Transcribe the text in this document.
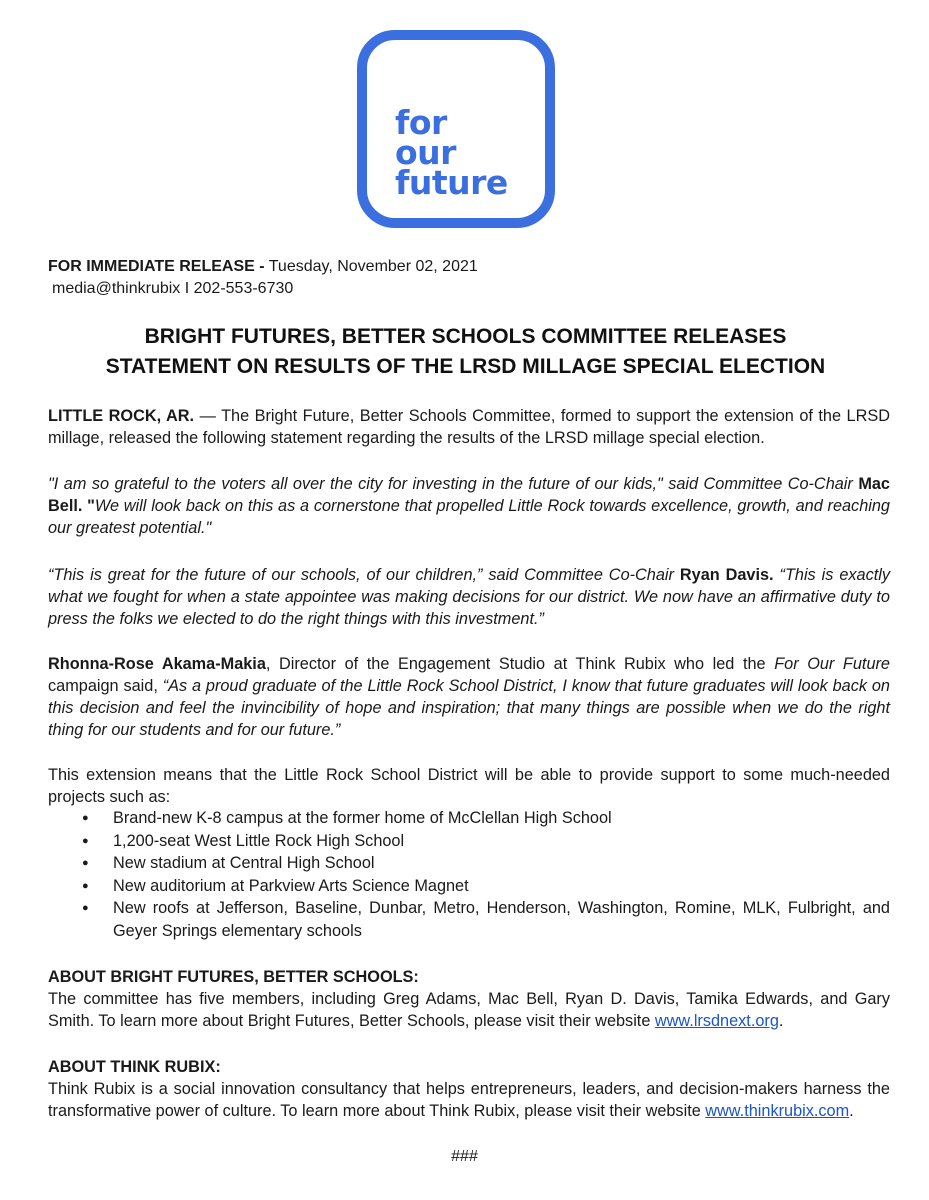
for
our
future
FOR IMMEDIATE RELEASE - Tuesday, November 02, 2021
media@thinkrubix I 202-553-6730
BRIGHT FUTURES, BETTER SCHOOLS COMMITTEE RELEASES
STATEMENT ON RESULTS OF THE LRSD MILLAGE SPECIAL ELECTION
LITTLE ROCK, AR. — The Bright Future, Better Schools Committee, formed to support the extension of the LRSD millage, released the following statement regarding the results of the LRSD millage special election.
"I am so grateful to the voters all over the city for investing in the future of our kids," said Committee Co-Chair Mac Bell. "We will look back on this as a cornerstone that propelled Little Rock towards excellence, growth, and reaching our greatest potential."
“This is great for the future of our schools, of our children,” said Committee Co-Chair Ryan Davis. “This is exactly what we fought for when a state appointee was making decisions for our district. We now have an affirmative duty to press the folks we elected to do the right things with this investment.”
Rhonna-Rose Akama-Makia, Director of the Engagement Studio at Think Rubix who led the For Our Future campaign said, “As a proud graduate of the Little Rock School District, I know that future graduates will look back on this decision and feel the invincibility of hope and inspiration; that many things are possible when we do the right thing for our students and for our future.”
This extension means that the Little Rock School District will be able to provide support to some much-needed projects such as:
● Brand-new K-8 campus at the former home of McClellan High School
● 1,200-seat West Little Rock High School
● New stadium at Central High School
● New auditorium at Parkview Arts Science Magnet
● New roofs at Jefferson, Baseline, Dunbar, Metro, Henderson, Washington, Romine, MLK, Fulbright, and Geyer Springs elementary schools
ABOUT BRIGHT FUTURES, BETTER SCHOOLS:
The committee has five members, including Greg Adams, Mac Bell, Ryan D. Davis, Tamika Edwards, and Gary Smith. To learn more about Bright Futures, Better Schools, please visit their website www.lrsdnext.org.
ABOUT THINK RUBIX:
Think Rubix is a social innovation consultancy that helps entrepreneurs, leaders, and decision-makers harness the transformative power of culture. To learn more about Think Rubix, please visit their website www.thinkrubix.com.
###
